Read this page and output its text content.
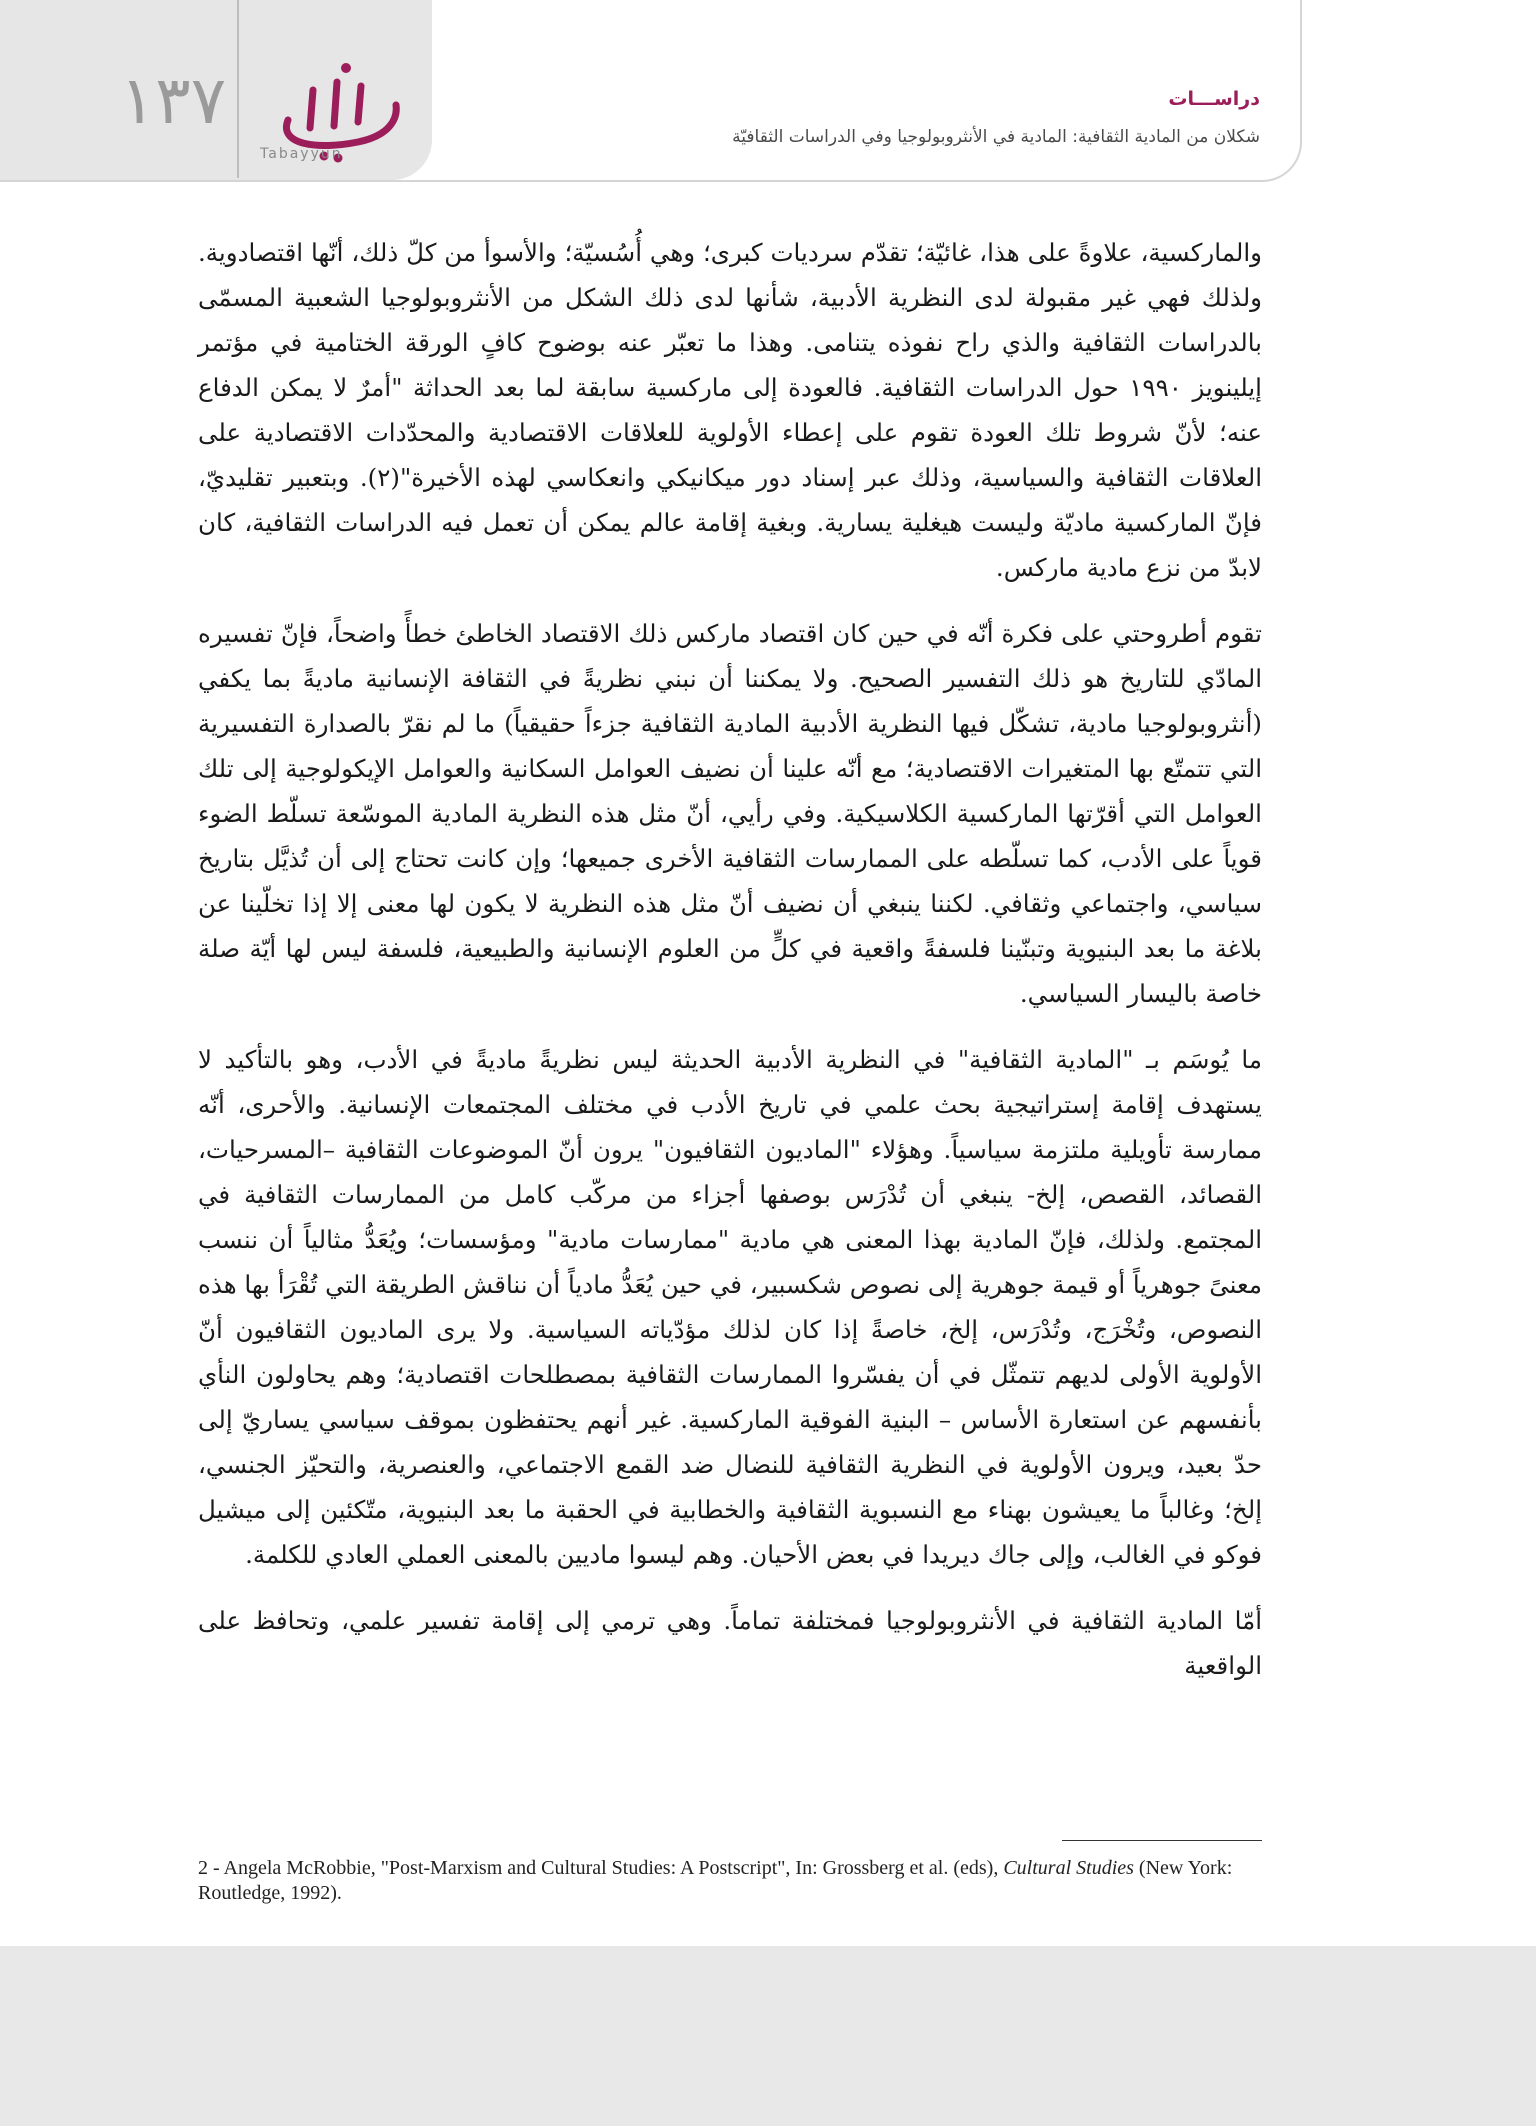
١٣٧	تبيُّن
Tabayyun
دراســـات
شكلان من المادية الثقافية: المادية في الأنثروبولوجيا وفي الدراسات الثقافيّة

والماركسية، علاوةً على هذا، غائيّة؛ تقدّم سرديات كبرى؛ وهي أُسُسيّة؛ والأسوأ من كلّ ذلك، أنّها اقتصادوية. ولذلك فهي غير مقبولة لدى النظرية الأدبية، شأنها لدى ذلك الشكل من الأنثروبولوجيا الشعبية المسمّى بالدراسات الثقافية والذي راح نفوذه يتنامى. وهذا ما تعبّر عنه بوضوح كافٍ الورقة الختامية في مؤتمر إيلينويز ١٩٩٠ حول الدراسات الثقافية. فالعودة إلى ماركسية سابقة لما بعد الحداثة "أمرٌ لا يمكن الدفاع عنه؛ لأنّ شروط تلك العودة تقوم على إعطاء الأولوية للعلاقات الاقتصادية والمحدّدات الاقتصادية على العلاقات الثقافية والسياسية، وذلك عبر إسناد دور ميكانيكي وانعكاسي لهذه الأخيرة"(٢). وبتعبير تقليديّ، فإنّ الماركسية ماديّة وليست هيغلية يسارية. وبغية إقامة عالم يمكن أن تعمل فيه الدراسات الثقافية، كان لابدّ من نزع مادية ماركس.

تقوم أطروحتي على فكرة أنّه في حين كان اقتصاد ماركس ذلك الاقتصاد الخاطئ خطأً واضحاً، فإنّ تفسيره المادّي للتاريخ هو ذلك التفسير الصحيح. ولا يمكننا أن نبني نظريةً في الثقافة الإنسانية ماديةً بما يكفي (أنثروبولوجيا مادية، تشكّل فيها النظرية الأدبية المادية الثقافية جزءاً حقيقياً) ما لم نقرّ بالصدارة التفسيرية التي تتمتّع بها المتغيرات الاقتصادية؛ مع أنّه علينا أن نضيف العوامل السكانية والعوامل الإيكولوجية إلى تلك العوامل التي أقرّتها الماركسية الكلاسيكية. وفي رأيي، أنّ مثل هذه النظرية المادية الموسّعة تسلّط الضوء قوياً على الأدب، كما تسلّطه على الممارسات الثقافية الأخرى جميعها؛ وإن كانت تحتاج إلى أن تُذيَّل بتاريخ سياسي، واجتماعي وثقافي. لكننا ينبغي أن نضيف أنّ مثل هذه النظرية لا يكون لها معنى إلا إذا تخلّينا عن بلاغة ما بعد البنيوية وتبنّينا فلسفةً واقعية في كلٍّ من العلوم الإنسانية والطبيعية، فلسفة ليس لها أيّة صلة خاصة باليسار السياسي.

ما يُوسَم بـ "المادية الثقافية" في النظرية الأدبية الحديثة ليس نظريةً ماديةً في الأدب، وهو بالتأكيد لا يستهدف إقامة إستراتيجية بحث علمي في تاريخ الأدب في مختلف المجتمعات الإنسانية. والأحرى، أنّه ممارسة تأويلية ملتزمة سياسياً. وهؤلاء "الماديون الثقافيون" يرون أنّ الموضوعات الثقافية –المسرحيات، القصائد، القصص، إلخ- ينبغي أن تُدْرَس بوصفها أجزاء من مركّب كامل من الممارسات الثقافية في المجتمع. ولذلك، فإنّ المادية بهذا المعنى هي مادية "ممارسات مادية" ومؤسسات؛ ويُعَدُّ مثالياً أن ننسب معنىً جوهرياً أو قيمة جوهرية إلى نصوص شكسبير، في حين يُعَدُّ مادياً أن نناقش الطريقة التي تُقْرَأ بها هذه النصوص، وتُخْرَج، وتُدْرَس، إلخ، خاصةً إذا كان لذلك مؤدّياته السياسية. ولا يرى الماديون الثقافيون أنّ الأولوية الأولى لديهم تتمثّل في أن يفسّروا الممارسات الثقافية بمصطلحات اقتصادية؛ وهم يحاولون النأي بأنفسهم عن استعارة الأساس – البنية الفوقية الماركسية. غير أنهم يحتفظون بموقف سياسي يساريّ إلى حدّ بعيد، ويرون الأولوية في النظرية الثقافية للنضال ضد القمع الاجتماعي، والعنصرية، والتحيّز الجنسي، إلخ؛ وغالباً ما يعيشون بهناء مع النسبوية الثقافية والخطابية في الحقبة ما بعد البنيوية، متّكئين إلى ميشيل فوكو في الغالب، وإلى جاك ديريدا في بعض الأحيان. وهم ليسوا ماديين بالمعنى العملي العادي للكلمة.

أمّا المادية الثقافية في الأنثروبولوجيا فمختلفة تماماً. وهي ترمي إلى إقامة تفسير علمي، وتحافظ على الواقعية

2 - Angela McRobbie, "Post-Marxism and Cultural Studies: A Postscript", In: Grossberg et al. (eds), Cultural Studies (New York: Routledge, 1992).
